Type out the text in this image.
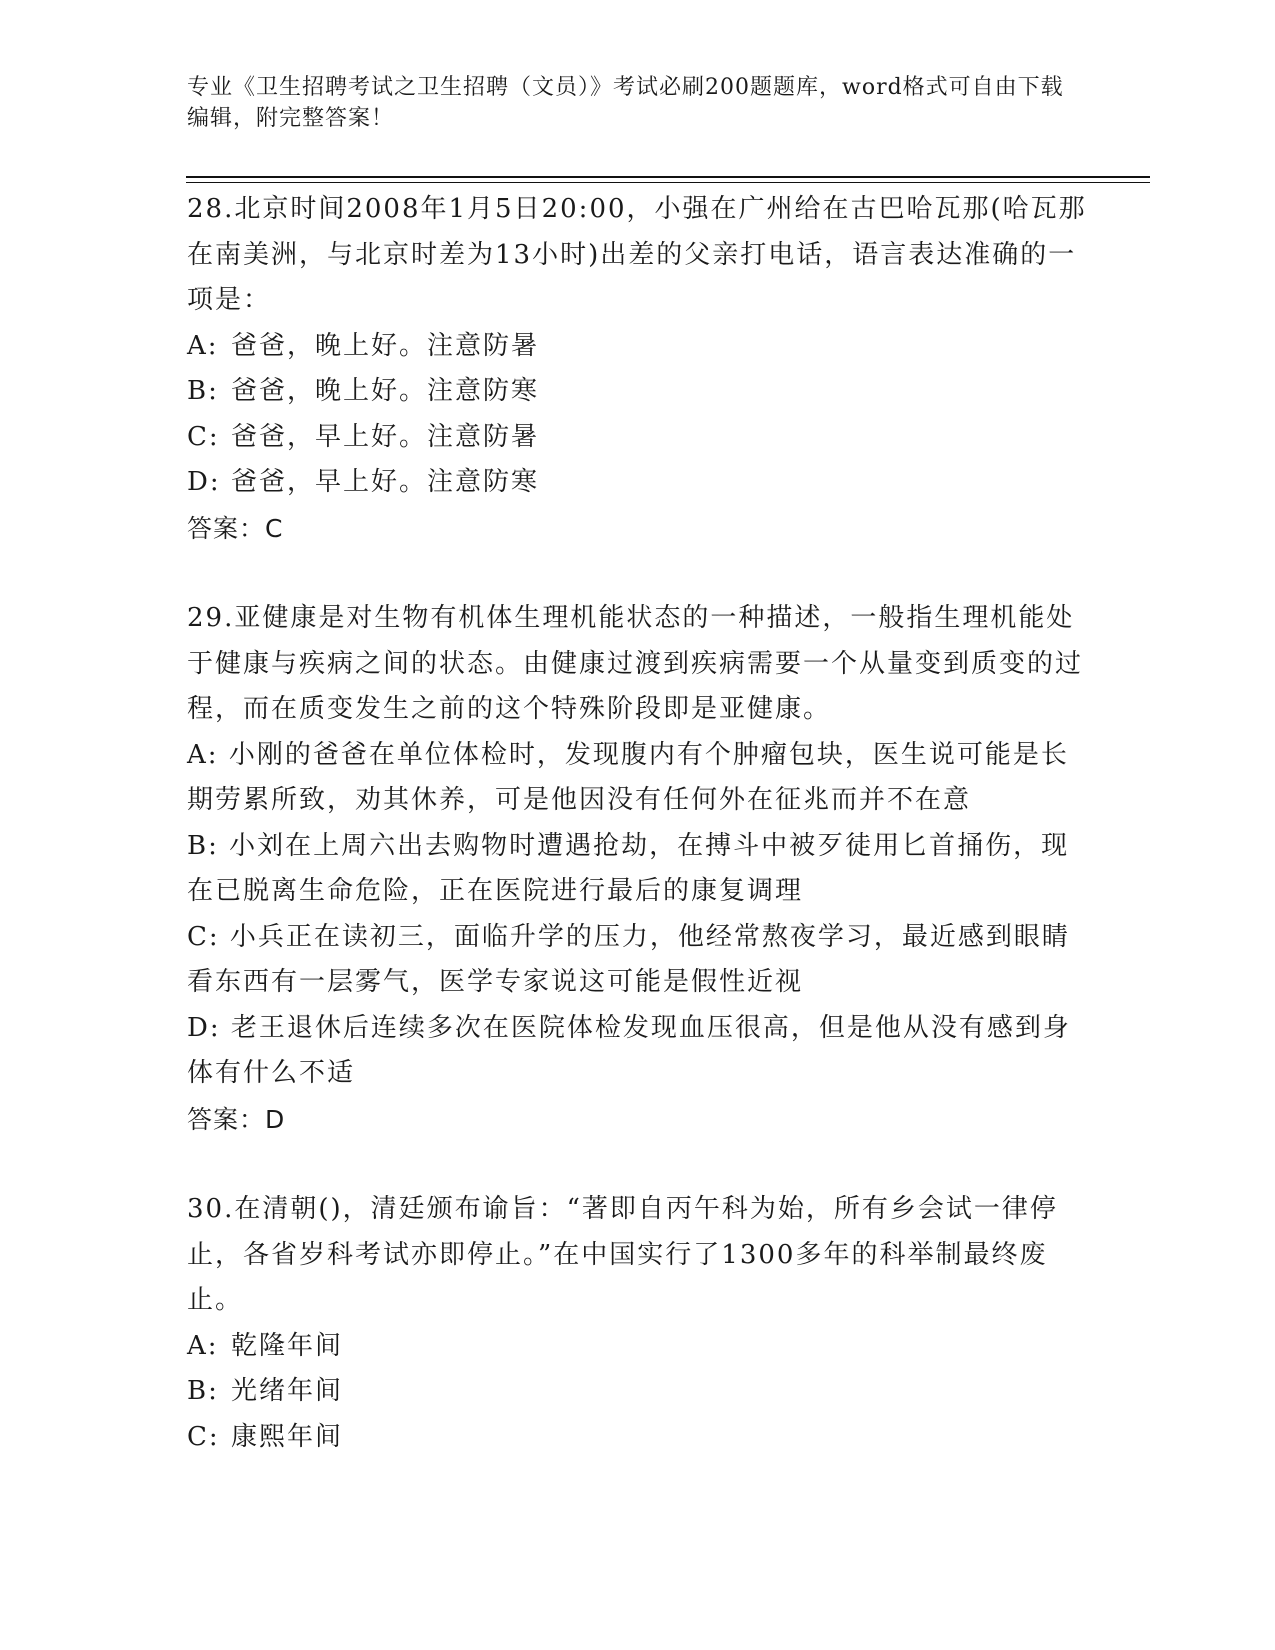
专业《卫生招聘考试之卫生招聘（文员）》考试必刷200题题库，word格式可自由下载编辑，附完整答案！
28.北京时间2008年1月5日20:00，小强在广州给在古巴哈瓦那(哈瓦那在南美洲，与北京时差为13小时)出差的父亲打电话，语言表达准确的一项是：
A: 爸爸，晚上好。注意防暑
B: 爸爸，晚上好。注意防寒
C: 爸爸，早上好。注意防暑
D: 爸爸，早上好。注意防寒
答案：C
29.亚健康是对生物有机体生理机能状态的一种描述，一般指生理机能处于健康与疾病之间的状态。由健康过渡到疾病需要一个从量变到质变的过程，而在质变发生之前的这个特殊阶段即是亚健康。
A: 小刚的爸爸在单位体检时，发现腹内有个肿瘤包块，医生说可能是长期劳累所致，劝其休养，可是他因没有任何外在征兆而并不在意
B: 小刘在上周六出去购物时遭遇抢劫，在搏斗中被歹徒用匕首捅伤，现在已脱离生命危险，正在医院进行最后的康复调理
C: 小兵正在读初三，面临升学的压力，他经常熬夜学习，最近感到眼睛看东西有一层雾气，医学专家说这可能是假性近视
D: 老王退休后连续多次在医院体检发现血压很高，但是他从没有感到身体有什么不适
答案：D
30.在清朝()，清廷颁布谕旨：“著即自丙午科为始，所有乡会试一律停止，各省岁科考试亦即停止。”在中国实行了1300多年的科举制最终废止。
A: 乾隆年间
B: 光绪年间
C: 康熙年间
